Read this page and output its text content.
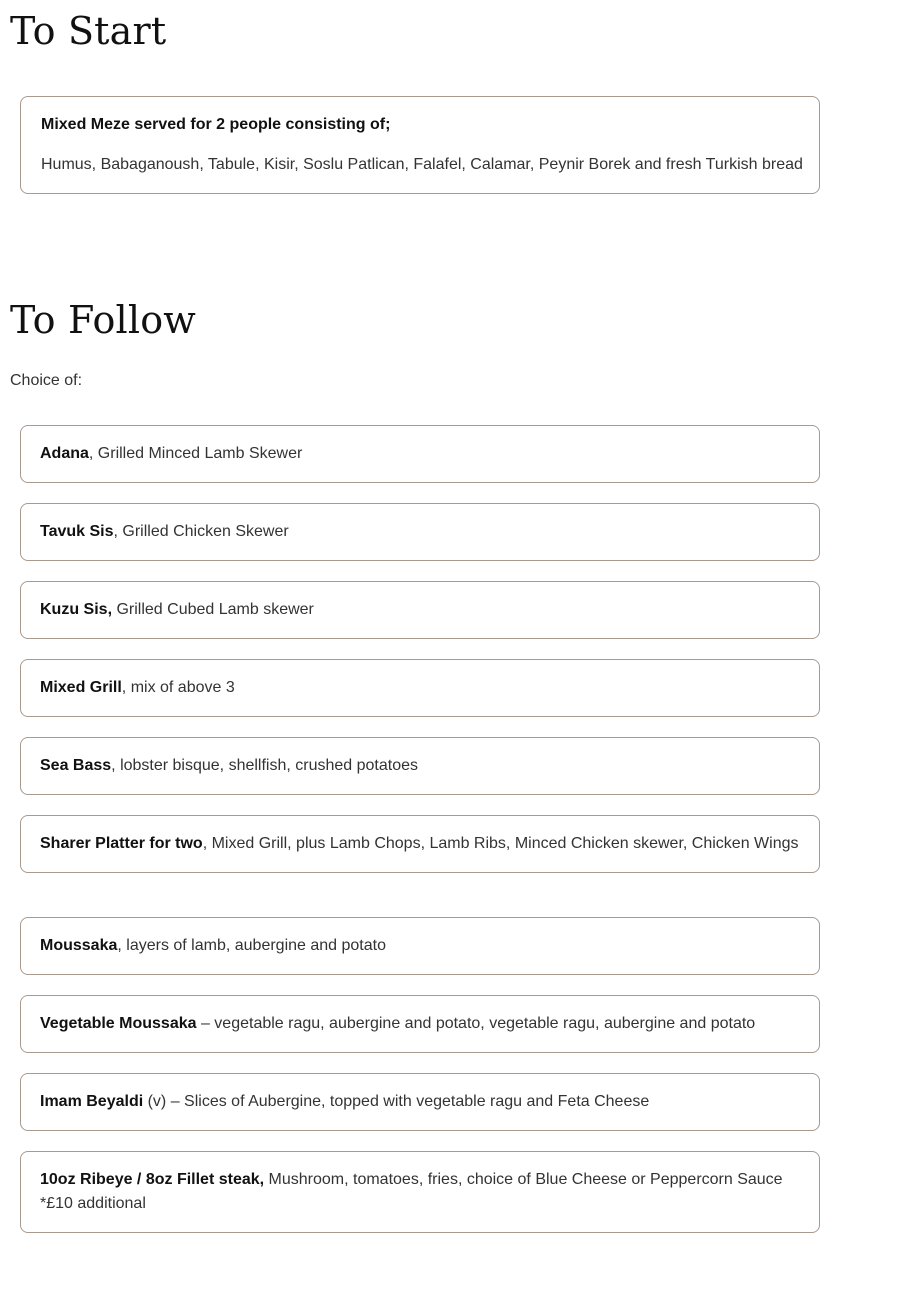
To Start
Mixed Meze served for 2 people consisting of;
Humus, Babaganoush, Tabule, Kisir, Soslu Patlican, Falafel, Calamar, Peynir Borek and fresh Turkish bread
To Follow
Choice of:
Adana, Grilled Minced Lamb Skewer
Tavuk Sis, Grilled Chicken Skewer
Kuzu Sis, Grilled Cubed Lamb skewer
Mixed Grill, mix of above 3
Sea Bass, lobster bisque, shellfish, crushed potatoes
Sharer Platter for two, Mixed Grill, plus Lamb Chops, Lamb Ribs, Minced Chicken skewer, Chicken Wings
Moussaka, layers of lamb, aubergine and potato
Vegetable Moussaka – vegetable ragu, aubergine and potato, vegetable ragu, aubergine and potato
Imam Beyaldi (v) – Slices of Aubergine, topped with vegetable ragu and Feta Cheese
10oz Ribeye / 8oz Fillet steak, Mushroom, tomatoes, fries, choice of Blue Cheese or Peppercorn Sauce *£10 additional
